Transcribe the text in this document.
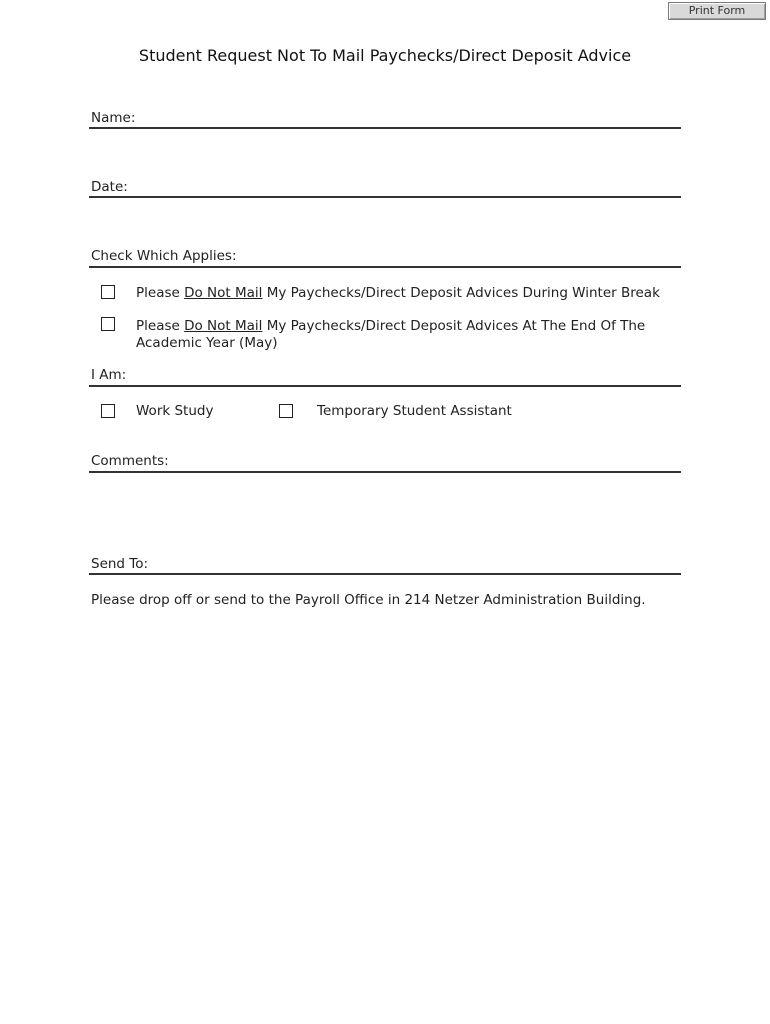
Print Form
Student Request Not To Mail Paychecks/Direct Deposit Advice
Name:
Date:
Check Which Applies:
Please Do Not Mail My Paychecks/Direct Deposit Advices During Winter Break
Please Do Not Mail My Paychecks/Direct Deposit Advices At The End Of The Academic Year (May)
I Am:
Work Study	Temporary Student Assistant
Comments:
Send To:
Please drop off or send to the Payroll Office in 214 Netzer Administration Building.
